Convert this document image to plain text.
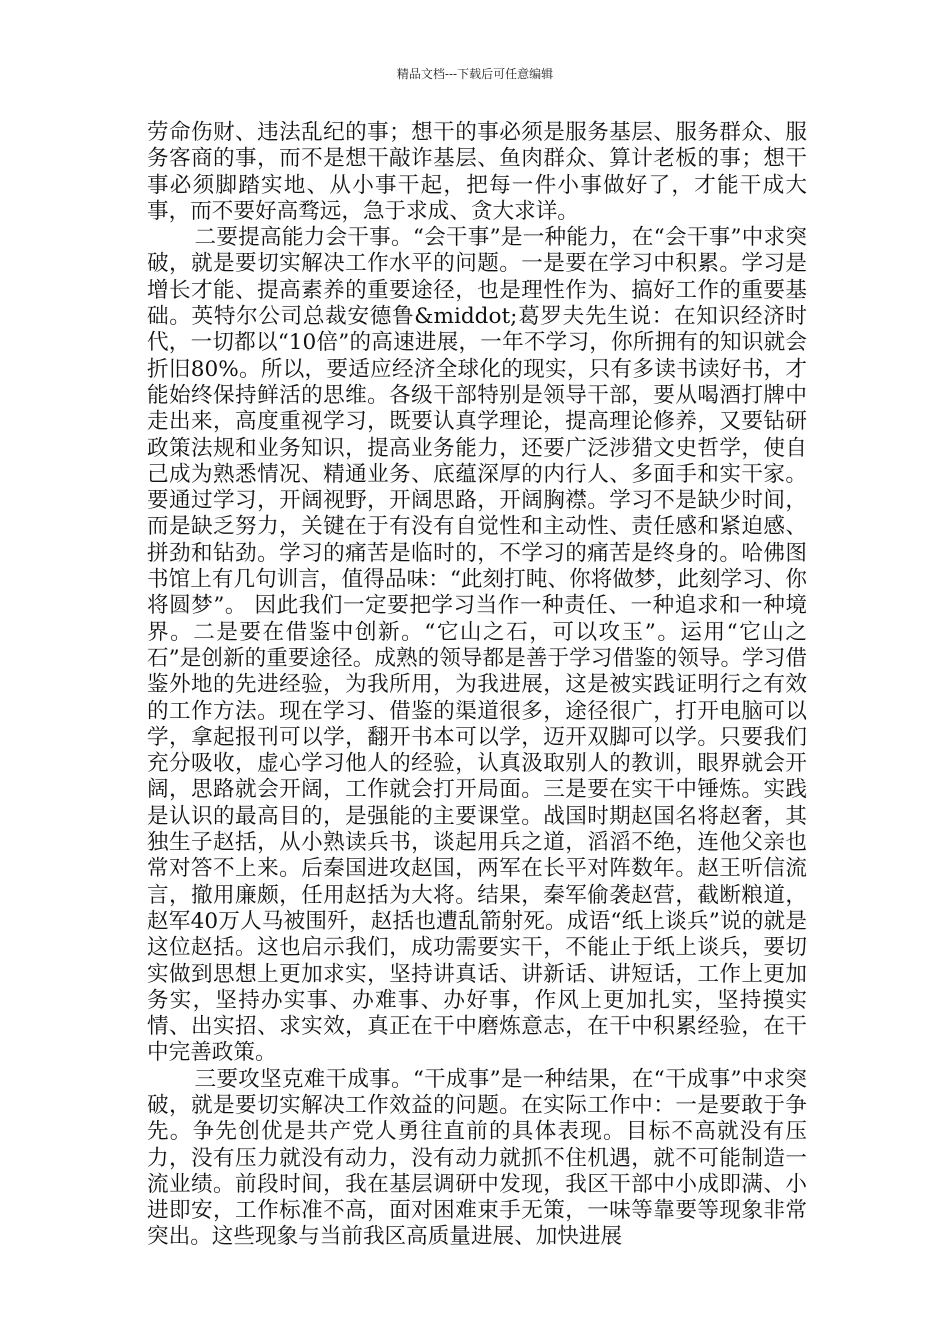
精品文档---下载后可任意编辑

劳命伤财、违法乱纪的事；想干的事必须是服务基层、服务群众、服务客商的事，而不是想干敲诈基层、鱼肉群众、算计老板的事；想干事必须脚踏实地、从小事干起，把每一件小事做好了，才能干成大事，而不要好高骛远，急于求成、贪大求详。

二要提高能力会干事。“会干事”是一种能力，在“会干事”中求突破，就是要切实解决工作水平的问题。一是要在学习中积累。学习是增长才能、提高素养的重要途径，也是理性作为、搞好工作的重要基础。英特尔公司总裁安德鲁&middot;葛罗夫先生说：在知识经济时代，一切都以“10倍”的高速进展，一年不学习，你所拥有的知识就会折旧80%。所以，要适应经济全球化的现实，只有多读书读好书，才能始终保持鲜活的思维。各级干部特别是领导干部，要从喝酒打牌中走出来，高度重视学习，既要认真学理论，提高理论修养，又要钻研政策法规和业务知识，提高业务能力，还要广泛涉猎文史哲学，使自己成为熟悉情况、精通业务、底蕴深厚的内行人、多面手和实干家。要通过学习，开阔视野，开阔思路，开阔胸襟。学习不是缺少时间，而是缺乏努力，关键在于有没有自觉性和主动性、责任感和紧迫感、拼劲和钻劲。学习的痛苦是临时的，不学习的痛苦是终身的。哈佛图书馆上有几句训言，值得品味：“此刻打盹、你将做梦，此刻学习、你将圆梦”。 因此我们一定要把学习当作一种责任、一种追求和一种境界。二是要在借鉴中创新。“它山之石，可以攻玉”。运用“它山之石”是创新的重要途径。成熟的领导都是善于学习借鉴的领导。学习借鉴外地的先进经验，为我所用，为我进展，这是被实践证明行之有效的工作方法。现在学习、借鉴的渠道很多，途径很广，打开电脑可以学，拿起报刊可以学，翻开书本可以学，迈开双脚可以学。只要我们充分吸收，虚心学习他人的经验，认真汲取别人的教训，眼界就会开阔，思路就会开阔，工作就会打开局面。三是要在实干中锤炼。实践是认识的最高目的，是强能的主要课堂。战国时期赵国名将赵奢，其独生子赵括，从小熟读兵书，谈起用兵之道，滔滔不绝，连他父亲也常对答不上来。后秦国进攻赵国，两军在长平对阵数年。赵王听信流言，撤用廉颇，任用赵括为大将。结果，秦军偷袭赵营，截断粮道，赵军40万人马被围歼，赵括也遭乱箭射死。成语“纸上谈兵”说的就是这位赵括。这也启示我们，成功需要实干，不能止于纸上谈兵，要切实做到思想上更加求实，坚持讲真话、讲新话、讲短话，工作上更加务实，坚持办实事、办难事、办好事，作风上更加扎实，坚持摸实情、出实招、求实效，真正在干中磨炼意志，在干中积累经验，在干中完善政策。

三要攻坚克难干成事。“干成事”是一种结果，在“干成事”中求突破，就是要切实解决工作效益的问题。在实际工作中：一是要敢于争先。争先创优是共产党人勇往直前的具体表现。目标不高就没有压力，没有压力就没有动力，没有动力就抓不住机遇，就不可能制造一流业绩。前段时间，我在基层调研中发现，我区干部中小成即满、小进即安，工作标准不高，面对困难束手无策，一味等靠要等现象非常突出。这些现象与当前我区高质量进展、加快进展
